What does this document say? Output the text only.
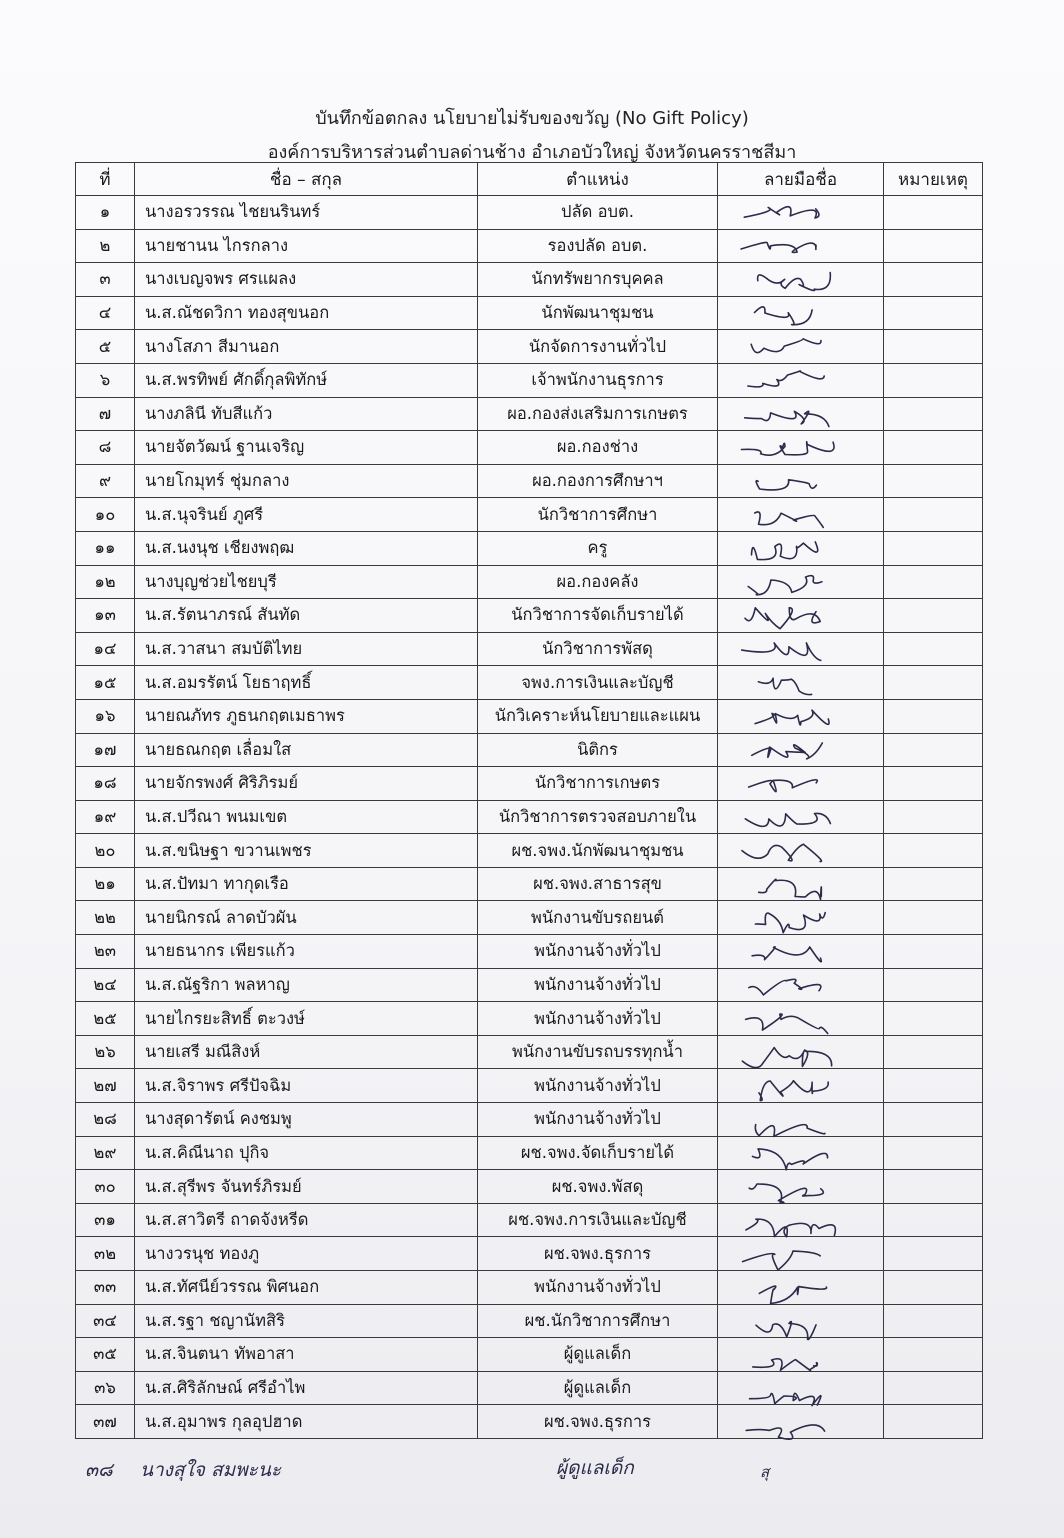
บันทึกข้อตกลง นโยบายไม่รับของขวัญ (No Gift Policy)
องค์การบริหารส่วนตำบลด่านช้าง อำเภอบัวใหญ่ จังหวัดนครราชสีมา
ที่	ชื่อ – สกุล	ตำแหน่ง	ลายมือชื่อ	หมายเหตุ
๑	นางอรวรรณ ไชยนรินทร์	ปลัด อบต.		
๒	นายชานน ไกรกลาง	รองปลัด อบต.		
๓	นางเบญจพร ศรแผลง	นักทรัพยากรบุคคล		
๔	น.ส.ณัชดวิกา ทองสุขนอก	นักพัฒนาชุมชน		
๕	นางโสภา สีมานอก	นักจัดการงานทั่วไป		
๖	น.ส.พรทิพย์ ศักดิ์กุลพิทักษ์	เจ้าพนักงานธุรการ		
๗	นางภลินี ทับสีแก้ว	ผอ.กองส่งเสริมการเกษตร		
๘	นายจัตวัฒน์ ฐานเจริญ	ผอ.กองช่าง		
๙	นายโกมุทร์ ชุ่มกลาง	ผอ.กองการศึกษาฯ		
๑๐	น.ส.นุจรินย์ ภูศรี	นักวิชาการศึกษา		
๑๑	น.ส.นงนุช เชียงพฤฒ	ครู		
๑๒	นางบุญช่วยไชยบุรี	ผอ.กองคลัง		
๑๓	น.ส.รัตนาภรณ์ สันทัด	นักวิชาการจัดเก็บรายได้		
๑๔	น.ส.วาสนา สมบัติไทย	นักวิชาการพัสดุ		
๑๕	น.ส.อมรรัตน์ โยธาฤทธิ์	จพง.การเงินและบัญชี		
๑๖	นายณภัทร ภูธนกฤตเมธาพร	นักวิเคราะห์นโยบายและแผน		
๑๗	นายธณกฤต เลื่อมใส	นิติกร		
๑๘	นายจักรพงศ์ ศิริภิรมย์	นักวิชาการเกษตร		
๑๙	น.ส.ปวีณา พนมเขต	นักวิชาการตรวจสอบภายใน		
๒๐	น.ส.ขนิษฐา ขวานเพชร	ผช.จพง.นักพัฒนาชุมชน		
๒๑	น.ส.ปัทมา ทากุดเรือ	ผช.จพง.สาธารสุข		
๒๒	นายนิกรณ์ ลาดบัวผัน	พนักงานขับรถยนต์		
๒๓	นายธนากร เพียรแก้ว	พนักงานจ้างทั่วไป		
๒๔	น.ส.ณัฐริกา พลหาญ	พนักงานจ้างทั่วไป		
๒๕	นายไกรยะสิทธิ์ ตะวงษ์	พนักงานจ้างทั่วไป		
๒๖	นายเสรี มณีสิงห์	พนักงานขับรถบรรทุกน้ำ		
๒๗	น.ส.จิราพร ศรีปัจฉิม	พนักงานจ้างทั่วไป		
๒๘	นางสุดารัตน์ คงชมพู	พนักงานจ้างทั่วไป		
๒๙	น.ส.คิณีนาถ ปุกิจ	ผช.จพง.จัดเก็บรายได้		
๓๐	น.ส.สุรีพร จันทร์ภิรมย์	ผช.จพง.พัสดุ		
๓๑	น.ส.สาวิตรี ถาดจังหรีด	ผช.จพง.การเงินและบัญชี		
๓๒	นางวรนุช ทองภู	ผช.จพง.ธุรการ		
๓๓	น.ส.ทัศนีย์วรรณ พิศนอก	พนักงานจ้างทั่วไป		
๓๔	น.ส.รฐา ชญานัทสิริ	ผช.นักวิชาการศึกษา		
๓๕	น.ส.จินตนา ทัพอาสา	ผู้ดูแลเด็ก		
๓๖	น.ส.ศิริลักษณ์ ศรีอำไพ	ผู้ดูแลเด็ก		
๓๗	น.ส.อุมาพร กุลอุปฮาด	ผช.จพง.ธุรการ		
๓๘ นางสุใจ สมพะนะ	ผู้ดูแลเด็ก	สุ
